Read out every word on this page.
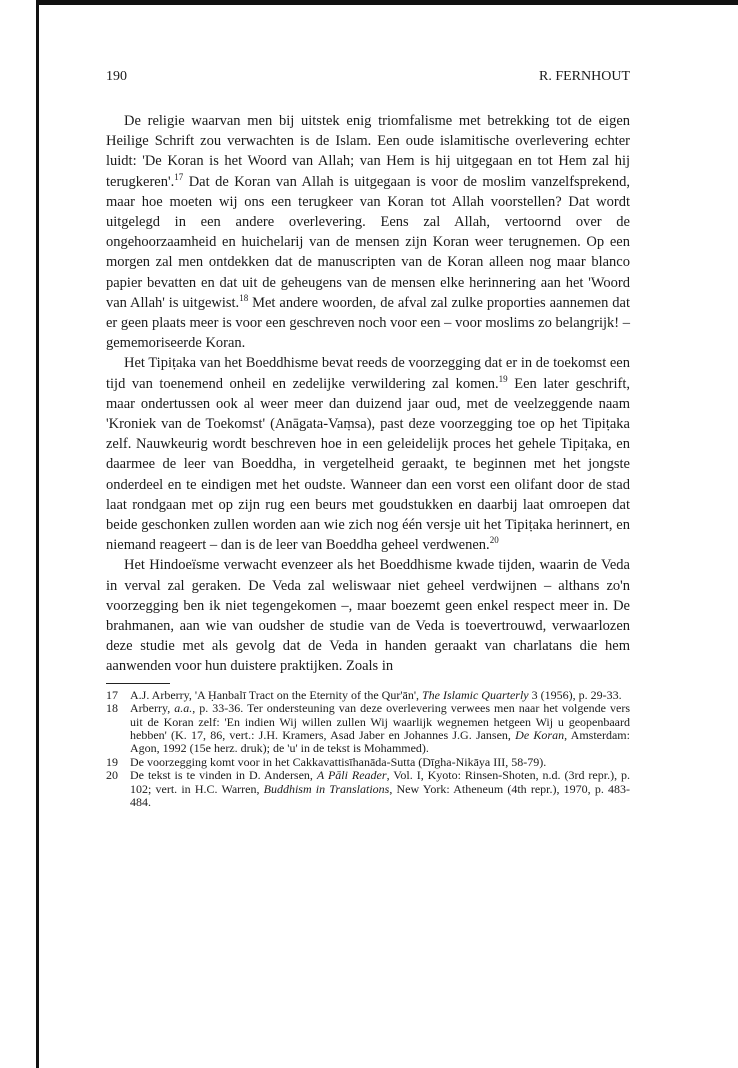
190	R. FERNHOUT

De religie waarvan men bij uitstek enig triomfalisme met betrekking tot de eigen Heilige Schrift zou verwachten is de Islam. Een oude islamitische overlevering echter luidt: 'De Koran is het Woord van Allah; van Hem is hij uitgegaan en tot Hem zal hij terugkeren'.$^{17}$ Dat de Koran van Allah is uitgegaan is voor de moslim vanzelfsprekend, maar hoe moeten wij ons een terugkeer van Koran tot Allah voorstellen? Dat wordt uitgelegd in een andere overlevering. Eens zal Allah, vertoornd over de ongehoorzaamheid en huichelarij van de mensen zijn Koran weer terugnemen. Op een morgen zal men ontdekken dat de manuscripten van de Koran alleen nog maar blanco papier bevatten en dat uit de geheugens van de mensen elke herinnering aan het 'Woord van Allah' is uitgewist.$^{18}$ Met andere woorden, de afval zal zulke proporties aannemen dat er geen plaats meer is voor een geschreven noch voor een – voor moslims zo belangrijk! – gememoriseerde Koran.

Het Tipiṭaka van het Boeddhisme bevat reeds de voorzegging dat er in de toekomst een tijd van toenemend onheil en zedelijke verwildering zal komen.$^{19}$ Een later geschrift, maar ondertussen ook al weer meer dan duizend jaar oud, met de veelzeggende naam 'Kroniek van de Toekomst' (Anāgata-Vaṃsa), past deze voorzegging toe op het Tipiṭaka zelf. Nauwkeurig wordt beschreven hoe in een geleidelijk proces het gehele Tipiṭaka, en daarmee de leer van Boeddha, in vergetelheid geraakt, te beginnen met het jongste onderdeel en te eindigen met het oudste. Wanneer dan een vorst een olifant door de stad laat rondgaan met op zijn rug een beurs met goudstukken en daarbij laat omroepen dat beide geschonken zullen worden aan wie zich nog één versje uit het Tipiṭaka herinnert, en niemand reageert – dan is de leer van Boeddha geheel verdwenen.$^{20}$

Het Hindoeïsme verwacht evenzeer als het Boeddhisme kwade tijden, waarin de Veda in verval zal geraken. De Veda zal weliswaar niet geheel verdwijnen – althans zo'n voorzegging ben ik niet tegengekomen –, maar boezemt geen enkel respect meer in. De brahmanen, aan wie van oudsher de studie van de Veda is toevertrouwd, verwaarlozen deze studie met als gevolg dat de Veda in handen geraakt van charlatans die hem aanwenden voor hun duistere praktijken. Zoals in

17	A.J. Arberry, 'A Ḥanbalī Tract on the Eternity of the Qur'ān', The Islamic Quarterly 3 (1956), p. 29-33.
18	Arberry, a.a., p. 33-36. Ter ondersteuning van deze overlevering verwees men naar het volgende vers uit de Koran zelf: 'En indien Wij willen zullen Wij waarlijk wegnemen hetgeen Wij u geopenbaard hebben' (K. 17, 86, vert.: J.H. Kramers, Asad Jaber en Johannes J.G. Jansen, De Koran, Amsterdam: Agon, 1992 (15e herz. druk); de 'u' in de tekst is Mohammed).
19	De voorzegging komt voor in het Cakkavattisīhanāda-Sutta (Dīgha-Nikāya III, 58-79).
20	De tekst is te vinden in D. Andersen, A Pāli Reader, Vol. I, Kyoto: Rinsen-Shoten, n.d. (3rd repr.), p. 102; vert. in H.C. Warren, Buddhism in Translations, New York: Atheneum (4th repr.), 1970, p. 483-484.
